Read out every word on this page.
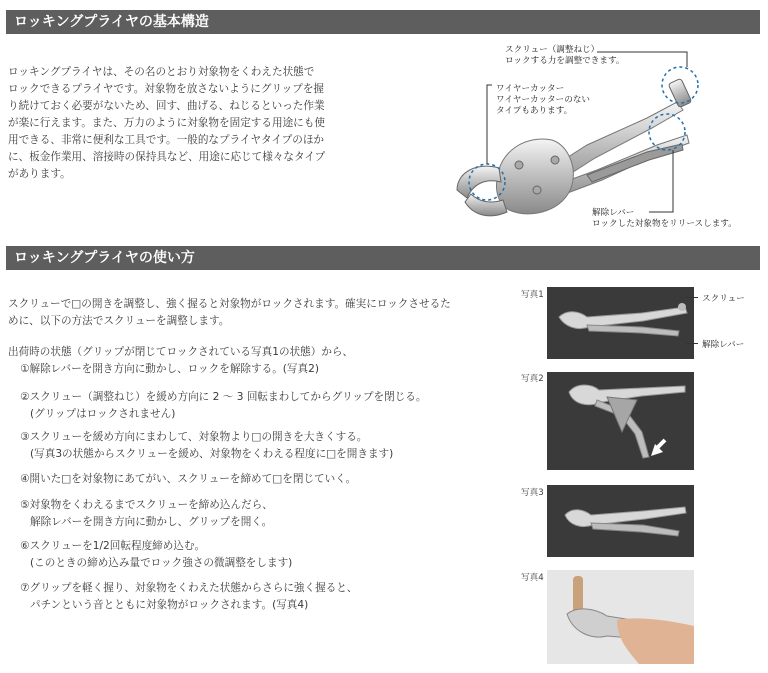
ロッキングプライヤの基本構造

ロッキングプライヤは、その名のとおり対象物をくわえた状態で
ロックできるプライヤです。対象物を放さないようにグリップを握
り続けておく必要がないため、回す、曲げる、ねじるといった作業
が楽に行えます。また、万力のように対象物を固定する用途にも使
用できる、非常に便利な工具です。一般的なプライヤタイプのほか
に、板金作業用、溶接時の保持具など、用途に応じて様々なタイプ
があります。

スクリュー（調整ねじ）
ロックする力を調整できます。
ワイヤーカッター
ワイヤーカッターのない
タイプもあります。
解除レバー
ロックした対象物をリリースします。
ロッキングプライヤの使い方

スクリューで□の開きを調整し、強く握ると対象物がロックされます。確実にロックさせるた
めに、以下の方法でスクリューを調整します。

出荷時の状態（グリップが閉じてロックされている写真1の状態）から、

①解除レバーを開き方向に動かし、ロックを解除する。(写真2)
②スクリュー（調整ねじ）を緩め方向に 2 ～ 3 回転まわしてからグリップを閉じる。
(グリップはロックされません)
③スクリューを緩め方向にまわして、対象物より□の開きを大きくする。
(写真3の状態からスクリューを緩め、対象物をくわえる程度に□を開きます)
④開いた□を対象物にあてがい、スクリューを締めて□を閉じていく。
⑤対象物をくわえるまでスクリューを締め込んだら、
解除レバーを開き方向に動かし、グリップを開く。
⑥スクリューを1/2回転程度締め込む。
(このときの締め込み量でロック強さの微調整をします)
⑦グリップを軽く握り、対象物をくわえた状態からさらに強く握ると、
パチンという音とともに対象物がロックされます。(写真4)
写真1
写真2
写真3
写真4
スクリュー
解除レバー
